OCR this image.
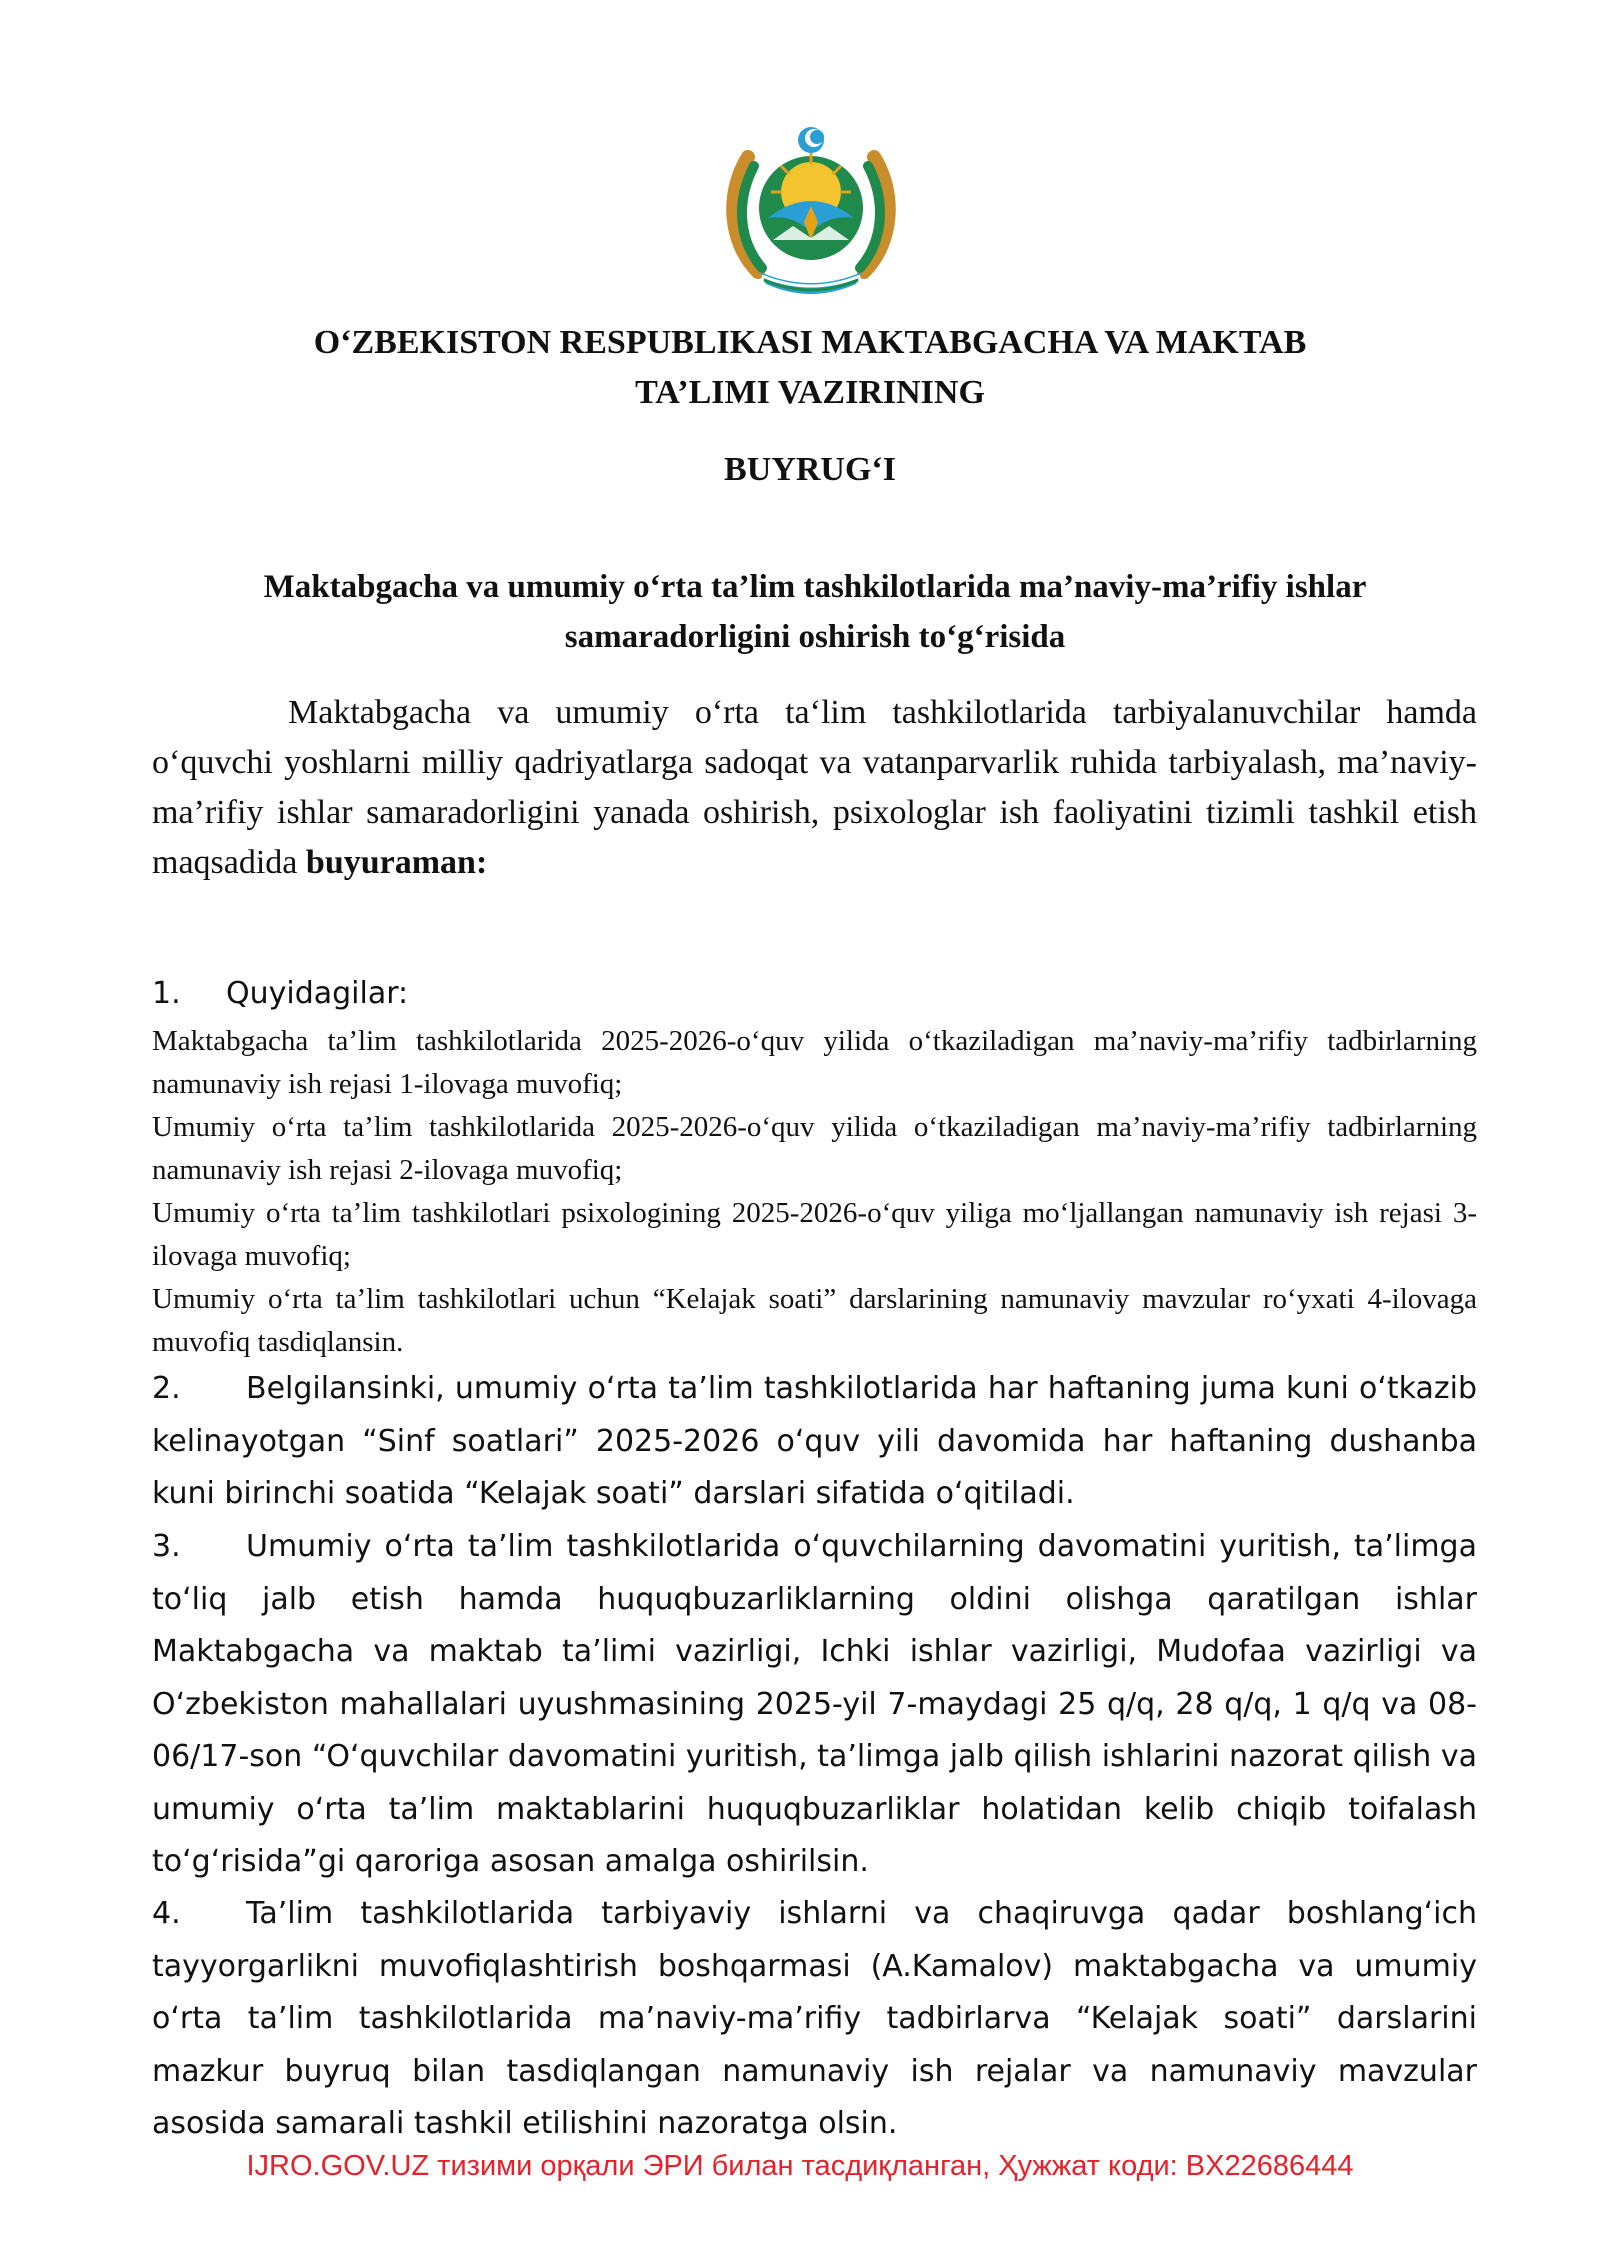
O‘ZBEKISTON RESPUBLIKASI MAKTABGACHA VA MAKTAB
TA’LIMI VAZIRINING
BUYRUG‘I
Maktabgacha va umumiy o‘rta ta’lim tashkilotlarida ma’naviy-ma’rifiy ishlar
samaradorligini oshirish to‘g‘risida

Maktabgacha va umumiy o‘rta ta‘lim tashkilotlarida tarbiyalanuvchilar hamda o‘quvchi yoshlarni milliy qadriyatlarga sadoqat va vatanparvarlik ruhida tarbiyalash, ma’naviy-ma’rifiy ishlar samaradorligini yanada oshirish, psixologlar ish faoliyatini tizimli tashkil etish maqsadida buyuraman:

1. Quyidagilar:

Maktabgacha ta’lim tashkilotlarida 2025-2026-o‘quv yilida o‘tkaziladigan ma’naviy-ma’rifiy tadbirlarning namunaviy ish rejasi 1-ilovaga muvofiq;

Umumiy o‘rta ta’lim tashkilotlarida 2025-2026-o‘quv yilida o‘tkaziladigan ma’naviy-ma’rifiy tadbirlarning namunaviy ish rejasi 2-ilovaga muvofiq;

Umumiy o‘rta ta’lim tashkilotlari psixologining 2025-2026-o‘quv yiliga mo‘ljallangan namunaviy ish rejasi 3-ilovaga muvofiq;

Umumiy o‘rta ta’lim tashkilotlari uchun “Kelajak soati” darslarining namunaviy mavzular ro‘yxati 4-ilovaga muvofiq tasdiqlansin.

2. Belgilansinki, umumiy o‘rta ta’lim tashkilotlarida har haftaning juma kuni o‘tkazib kelinayotgan “Sinf soatlari” 2025-2026 o‘quv yili davomida har haftaning dushanba kuni birinchi soatida “Kelajak soati” darslari sifatida o‘qitiladi.

3. Umumiy o‘rta ta’lim tashkilotlarida o‘quvchilarning davomatini yuritish, ta’limga to‘liq jalb etish hamda huquqbuzarliklarning oldini olishga qaratilgan ishlar Maktabgacha va maktab ta’limi vazirligi, Ichki ishlar vazirligi, Mudofaa vazirligi va O‘zbekiston mahallalari uyushmasining 2025-yil 7-maydagi 25 q/q, 28 q/q, 1 q/q va 08-06/17-son “O‘quvchilar davomatini yuritish, ta’limga jalb qilish ishlarini nazorat qilish va umumiy o‘rta ta’lim maktablarini huquqbuzarliklar holatidan kelib chiqib toifalash to‘g‘risida”gi qaroriga asosan amalga oshirilsin.

4. Ta’lim tashkilotlarida tarbiyaviy ishlarni va chaqiruvga qadar boshlang‘ich tayyorgarlikni muvofiqlashtirish boshqarmasi (A.Kamalov) maktabgacha va umumiy o‘rta ta’lim tashkilotlarida ma’naviy-ma’rifiy tadbirlarva “Kelajak soati” darslarini mazkur buyruq bilan tasdiqlangan namunaviy ish rejalar va namunaviy mavzular asosida samarali tashkil etilishini nazoratga olsin.

IJRO.GOV.UZ тизими орқали ЭРИ билан тасдиқланган, Ҳужжат коди: BX22686444
